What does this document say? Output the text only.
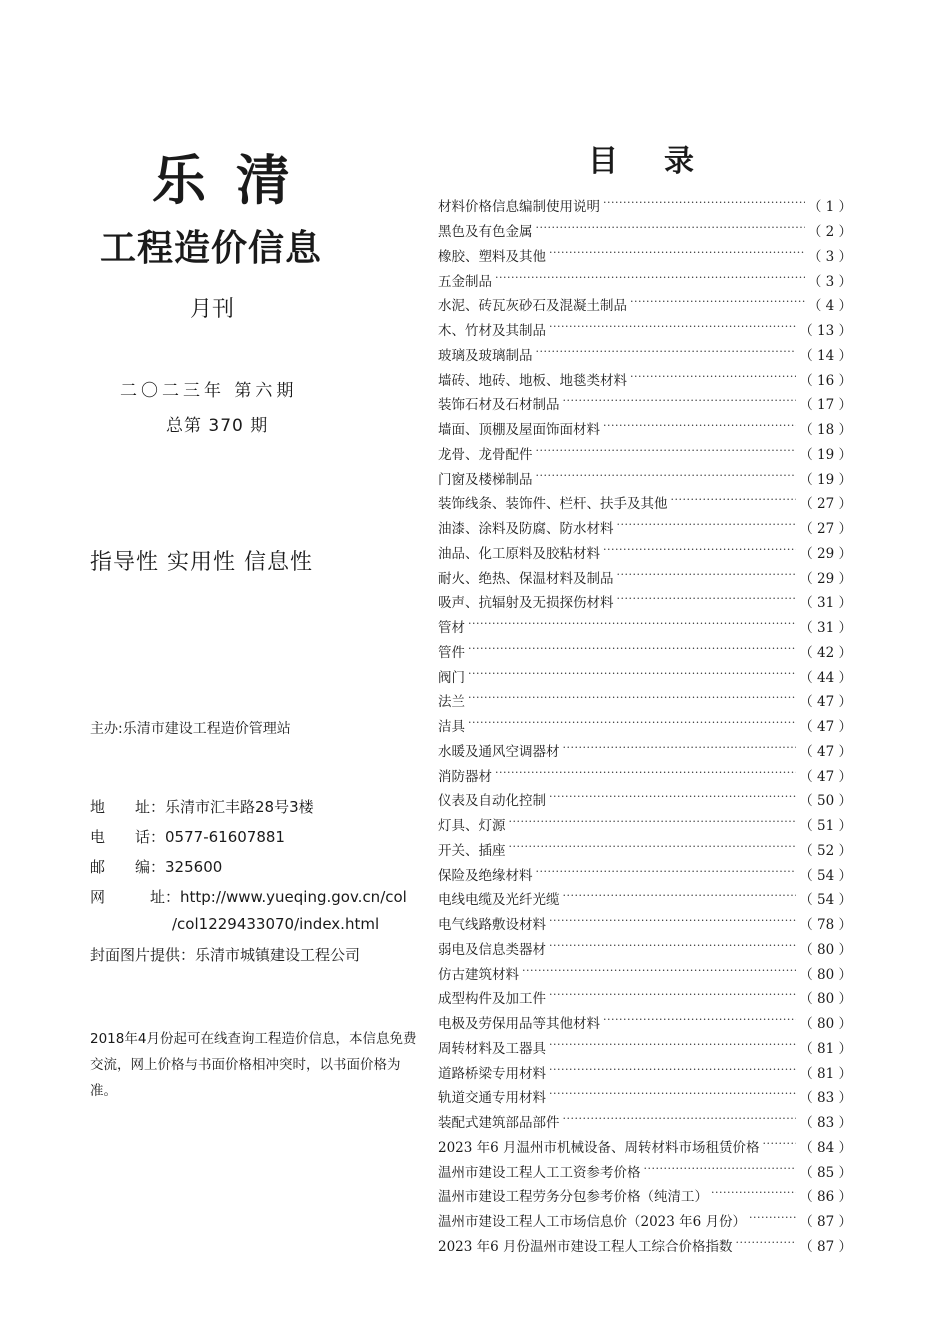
乐清
工程造价信息
月刊
二〇二三年 第六期
总第 370 期
指导性 实用性 信息性
主办:乐清市建设工程造价管理站
地　　址：乐清市汇丰路28号3楼
电　　话：0577-61607881
邮　　编：325600
网　　　址：http://www.yueqing.gov.cn/col
/col1229433070/index.html
封面图片提供：乐清市城镇建设工程公司
2018年4月份起可在线查询工程造价信息，本信息免费交流，网上价格与书面价格相冲突时，以书面价格为准。
目录
材料价格信息编制使用说明 ·····	（ 1 ）
黑色及有色金属 ·····	（ 2 ）
橡胶、塑料及其他 ·····	（ 3 ）
五金制品 ·····	（ 3 ）
水泥、砖瓦灰砂石及混凝土制品 ·····	（ 4 ）
木、竹材及其制品 ·····	（ 13 ）
玻璃及玻璃制品 ·····	（ 14 ）
墙砖、地砖、地板、地毯类材料 ·····	（ 16 ）
装饰石材及石材制品 ·····	（ 17 ）
墙面、顶棚及屋面饰面材料 ·····	（ 18 ）
龙骨、龙骨配件 ·····	（ 19 ）
门窗及楼梯制品 ·····	（ 19 ）
装饰线条、装饰件、栏杆、扶手及其他 ·····	（ 27 ）
油漆、涂料及防腐、防水材料 ·····	（ 27 ）
油品、化工原料及胶粘材料 ·····	（ 29 ）
耐火、绝热、保温材料及制品 ·····	（ 29 ）
吸声、抗辐射及无损探伤材料 ·····	（ 31 ）
管材 ·····	（ 31 ）
管件 ·····	（ 42 ）
阀门 ·····	（ 44 ）
法兰 ·····	（ 47 ）
洁具 ·····	（ 47 ）
水暖及通风空调器材 ·····	（ 47 ）
消防器材 ·····	（ 47 ）
仪表及自动化控制 ·····	（ 50 ）
灯具、灯源 ·····	（ 51 ）
开关、插座 ·····	（ 52 ）
保险及绝缘材料 ·····	（ 54 ）
电线电缆及光纤光缆 ·····	（ 54 ）
电气线路敷设材料 ·····	（ 78 ）
弱电及信息类器材 ·····	（ 80 ）
仿古建筑材料 ·····	（ 80 ）
成型构件及加工件 ·····	（ 80 ）
电极及劳保用品等其他材料 ·····	（ 80 ）
周转材料及工器具 ·····	（ 81 ）
道路桥梁专用材料 ·····	（ 81 ）
轨道交通专用材料 ·····	（ 83 ）
装配式建筑部品部件 ·····	（ 83 ）
2023 年6 月温州市机械设备、周转材料市场租赁价格 ·····	（ 84 ）
温州市建设工程人工工资参考价格 ·····	（ 85 ）
温州市建设工程劳务分包参考价格（纯清工） ·····	（ 86 ）
温州市建设工程人工市场信息价（2023 年6 月份） ·····	（ 87 ）
2023 年6 月份温州市建设工程人工综合价格指数 ·····	（ 87 ）
